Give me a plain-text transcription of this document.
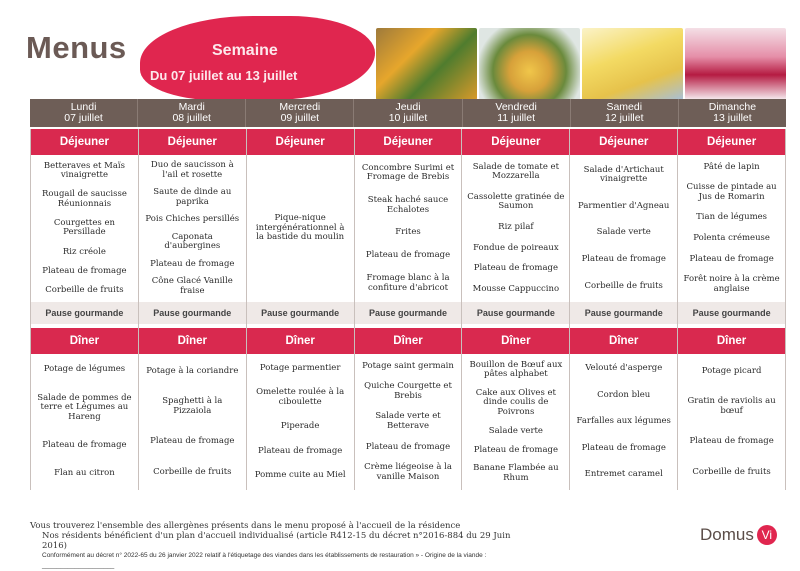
Menus	Semaine
Du 07 juillet au 13 juillet
Lundi
07 juillet
Mardi
08 juillet
Mercredi
09 juillet
Jeudi
10 juillet
Vendredi
11 juillet
Samedi
12 juillet
Dimanche
13 juillet
Déjeuner
Betteraves et Maïs vinaigrette
Rougail de saucisse Réunionnais
Courgettes en Persillade
Riz créole
Plateau de fromage
Corbeille de fruits
Pause gourmande
Dîner
Potage de légumes
Salade de pommes de terre et Légumes au Hareng
Plateau de fromage
Flan au citron
Déjeuner
Duo de saucisson à l'ail et rosette
Saute de dinde au paprika
Pois Chiches persillés
Caponata d'aubergines
Plateau de fromage
Cône Glacé Vanille fraise
Pause gourmande
Dîner
Potage à la coriandre
Spaghetti à la Pizzaiola
Plateau de fromage
Corbeille de fruits
Déjeuner
Pique-nique intergénérationnel à la bastide du moulin
Pause gourmande
Dîner
Potage parmentier
Omelette roulée à la ciboulette
Piperade
Plateau de fromage
Pomme cuite au Miel
Déjeuner
Concombre Surimi et Fromage de Brebis
Steak haché sauce Echalotes
Frites
Plateau de fromage
Fromage blanc à la confiture d'abricot
Pause gourmande
Dîner
Potage saint germain
Quiche Courgette et Brebis
Salade verte et Betterave
Plateau de fromage
Crème liégeoise à la vanille Maison
Déjeuner
Salade de tomate et Mozzarella
Cassolette gratinée de Saumon
Riz pilaf
Fondue de poireaux
Plateau de fromage
Mousse Cappuccino
Pause gourmande
Dîner
Bouillon de Bœuf aux pâtes alphabet
Cake aux Olives et dinde coulis de Poivrons
Salade verte
Plateau de fromage
Banane Flambée au Rhum
Déjeuner
Salade d'Artichaut vinaigrette
Parmentier d'Agneau
Salade verte
Plateau de fromage
Corbeille de fruits
Pause gourmande
Dîner
Velouté d'asperge
Cordon bleu
Farfalles aux légumes
Plateau de fromage
Entremet caramel
Déjeuner
Pâté de lapin
Cuisse de pintade au Jus de Romarin
Tian de légumes
Polenta crémeuse
Plateau de fromage
Forêt noire à la crème anglaise
Pause gourmande
Dîner
Potage picard
Gratin de raviolis au bœuf
Plateau de fromage
Corbeille de fruits
Vous trouverez l'ensemble des allergènes présents dans le menu proposé à l'accueil de la résidence
Nos résidents bénéficient d'un plan d'accueil individualisé (article R412-15 du décret n°2016-884 du 29 Juin 2016)
Conformément au décret n° 2022-65 du 26 janvier 2022 relatif à l'étiquetage des viandes dans les établissements de restauration » - Origine de la viande : ____________________
Domus Vi
